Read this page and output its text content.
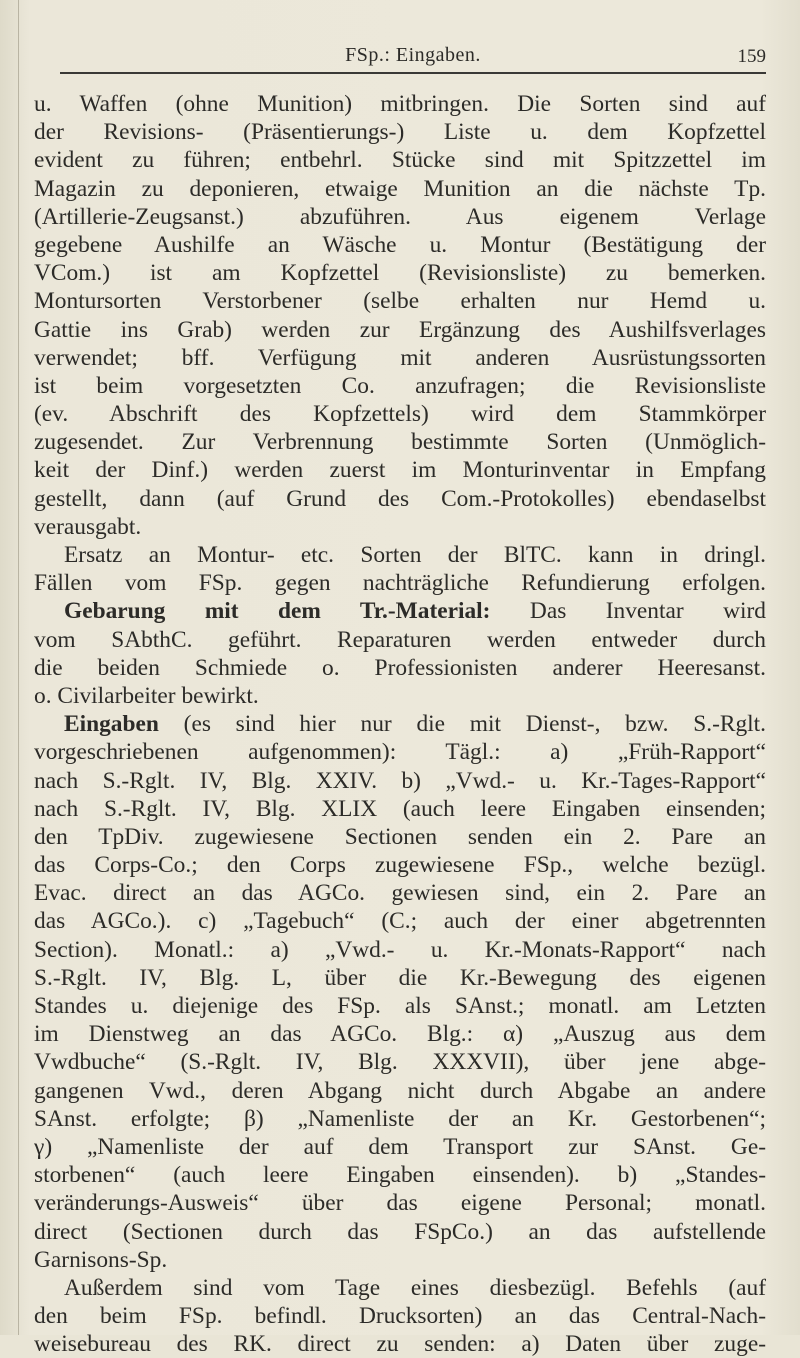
FSp.: Eingaben.	159
u. Waffen (ohne Munition) mitbringen. Die Sorten sind auf
der Revisions- (Präsentierungs-) Liste u. dem Kopfzettel
evident zu führen; entbehrl. Stücke sind mit Spitzzettel im
Magazin zu deponieren, etwaige Munition an die nächste Tp.
(Artillerie-Zeugsanst.) abzuführen. Aus eigenem Verlage
gegebene Aushilfe an Wäsche u. Montur (Bestätigung der
VCom.) ist am Kopfzettel (Revisionsliste) zu bemerken.
Montursorten Verstorbener (selbe erhalten nur Hemd u.
Gattie ins Grab) werden zur Ergänzung des Aushilfsverlages
verwendet; bff. Verfügung mit anderen Ausrüstungssorten
ist beim vorgesetzten Co. anzufragen; die Revisionsliste
(ev. Abschrift des Kopfzettels) wird dem Stammkörper
zugesendet. Zur Verbrennung bestimmte Sorten (Unmöglich-
keit der Dinf.) werden zuerst im Monturinventar in Empfang
gestellt, dann (auf Grund des Com.-Protokolles) ebendaselbst
verausgabt.
Ersatz an Montur- etc. Sorten der BlTC. kann in dringl.
Fällen vom FSp. gegen nachträgliche Refundierung erfolgen.
Gebarung mit dem Tr.-Material: Das Inventar wird
vom SAbthC. geführt. Reparaturen werden entweder durch
die beiden Schmiede o. Professionisten anderer Heeresanst.
o. Civilarbeiter bewirkt.
Eingaben (es sind hier nur die mit Dienst-, bzw. S.-Rglt.
vorgeschriebenen aufgenommen): Tägl.: a) „Früh-Rapport“
nach S.-Rglt. IV, Blg. XXIV. b) „Vwd.- u. Kr.-Tages-Rapport“
nach S.-Rglt. IV, Blg. XLIX (auch leere Eingaben einsenden;
den TpDiv. zugewiesene Sectionen senden ein 2. Pare an
das Corps-Co.; den Corps zugewiesene FSp., welche bezügl.
Evac. direct an das AGCo. gewiesen sind, ein 2. Pare an
das AGCo.). c) „Tagebuch“ (C.; auch der einer abgetrennten
Section). Monatl.: a) „Vwd.- u. Kr.-Monats-Rapport“ nach
S.-Rglt. IV, Blg. L, über die Kr.-Bewegung des eigenen
Standes u. diejenige des FSp. als SAnst.; monatl. am Letzten
im Dienstweg an das AGCo. Blg.: α) „Auszug aus dem
Vwdbuche“ (S.-Rglt. IV, Blg. XXXVII), über jene abge-
gangenen Vwd., deren Abgang nicht durch Abgabe an andere
SAnst. erfolgte; β) „Namenliste der an Kr. Gestorbenen“;
γ) „Namenliste der auf dem Transport zur SAnst. Ge-
storbenen“ (auch leere Eingaben einsenden). b) „Standes-
veränderungs-Ausweis“ über das eigene Personal; monatl.
direct (Sectionen durch das FSpCo.) an das aufstellende
Garnisons-Sp.
Außerdem sind vom Tage eines diesbezügl. Befehls (auf
den beim FSp. befindl. Drucksorten) an das Central-Nach-
weisebureau des RK. direct zu senden: a) Daten über zuge-
